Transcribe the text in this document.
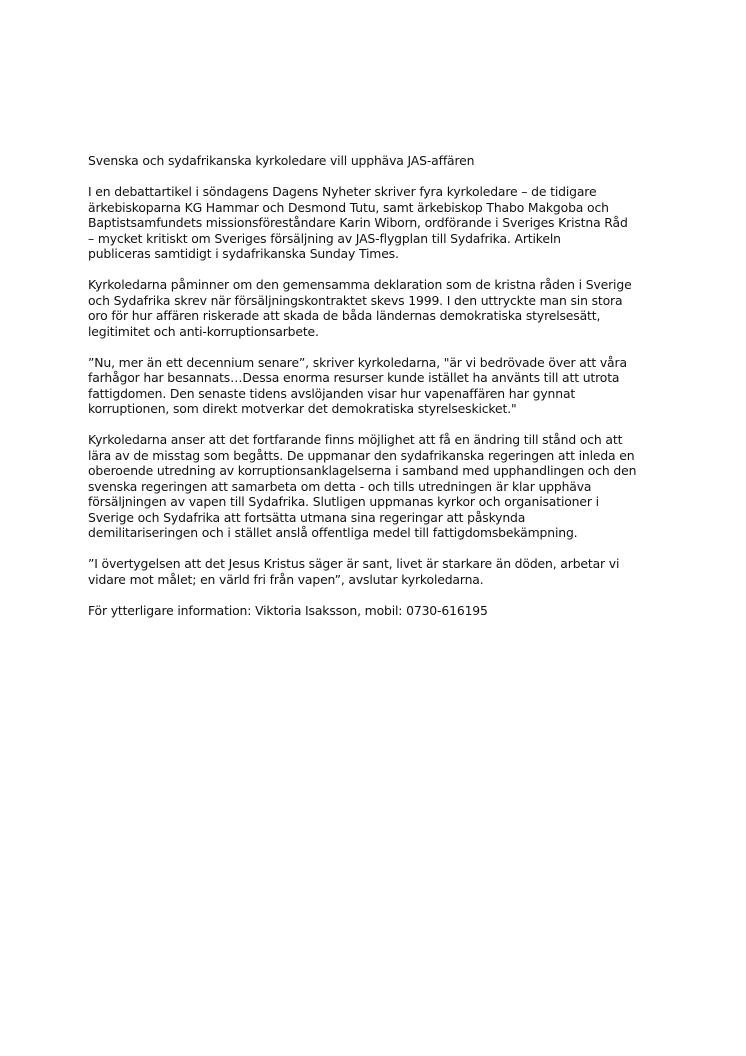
Svenska och sydafrikanska kyrkoledare vill upphäva JAS-affären

I en debattartikel i söndagens Dagens Nyheter skriver fyra kyrkoledare – de tidigare
ärkebiskoparna KG Hammar och Desmond Tutu, samt ärkebiskop Thabo Makgoba och
Baptistsamfundets missionsföreståndare Karin Wiborn, ordförande i Sveriges Kristna Råd
– mycket kritiskt om Sveriges försäljning av JAS-flygplan till Sydafrika. Artikeln
publiceras samtidigt i sydafrikanska Sunday Times.

Kyrkoledarna påminner om den gemensamma deklaration som de kristna råden i Sverige
och Sydafrika skrev när försäljningskontraktet skevs 1999. I den uttryckte man sin stora
oro för hur affären riskerade att skada de båda ländernas demokratiska styrelsesätt,
legitimitet och anti-korruptionsarbete.

”Nu, mer än ett decennium senare”, skriver kyrkoledarna, "är vi bedrövade över att våra
farhågor har besannats…Dessa enorma resurser kunde istället ha använts till att utrota
fattigdomen. Den senaste tidens avslöjanden visar hur vapenaffären har gynnat
korruptionen, som direkt motverkar det demokratiska styrelseskicket."

Kyrkoledarna anser att det fortfarande finns möjlighet att få en ändring till stånd och att
lära av de misstag som begåtts. De uppmanar den sydafrikanska regeringen att inleda en
oberoende utredning av korruptionsanklagelserna i samband med upphandlingen och den
svenska regeringen att samarbeta om detta - och tills utredningen är klar upphäva
försäljningen av vapen till Sydafrika. Slutligen uppmanas kyrkor och organisationer i
Sverige och Sydafrika att fortsätta utmana sina regeringar att påskynda
demilitariseringen och i stället anslå offentliga medel till fattigdomsbekämpning.

”I övertygelsen att det Jesus Kristus säger är sant, livet är starkare än döden, arbetar vi
vidare mot målet; en värld fri från vapen”, avslutar kyrkoledarna.

För ytterligare information: Viktoria Isaksson, mobil: 0730-616195
